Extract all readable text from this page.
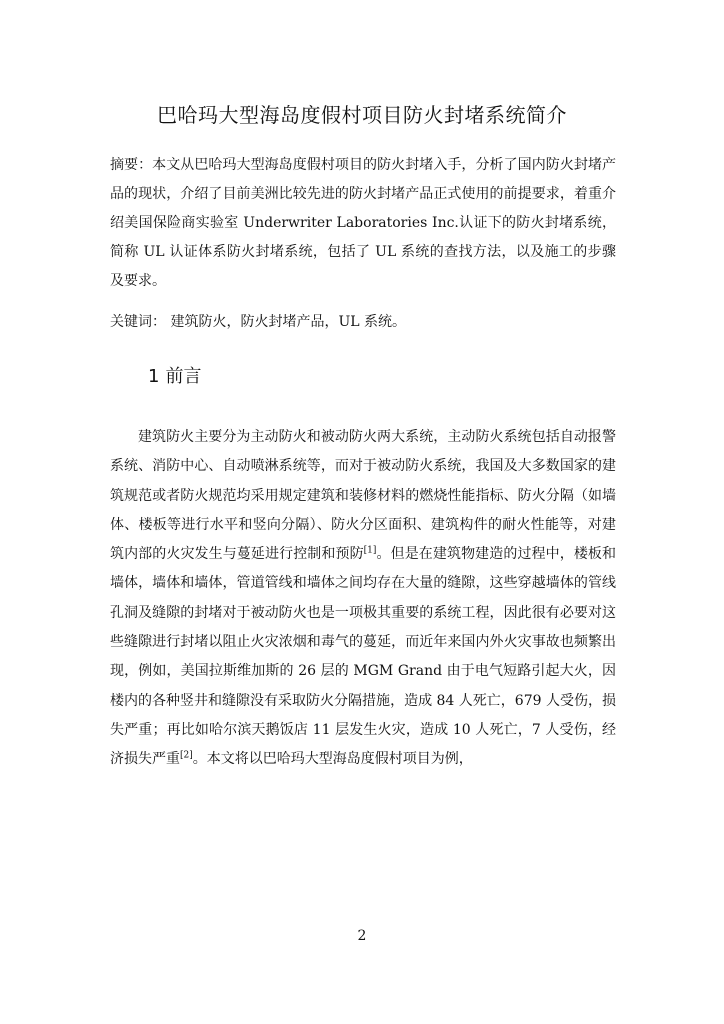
巴哈玛大型海岛度假村项目防火封堵系统简介

摘要：本文从巴哈玛大型海岛度假村项目的防火封堵入手，分析了国内防火封堵产品的现状，介绍了目前美洲比较先进的防火封堵产品正式使用的前提要求，着重介绍美国保险商实验室 Underwriter Laboratories Inc.认证下的防火封堵系统，简称 UL 认证体系防火封堵系统，包括了 UL 系统的查找方法，以及施工的步骤及要求。

关键词： 建筑防火，防火封堵产品，UL 系统。

1 前言

建筑防火主要分为主动防火和被动防火两大系统，主动防火系统包括自动报警系统、消防中心、自动喷淋系统等，而对于被动防火系统，我国及大多数国家的建筑规范或者防火规范均采用规定建筑和装修材料的燃烧性能指标、防火分隔（如墙体、楼板等进行水平和竖向分隔）、防火分区面积、建筑构件的耐火性能等，对建筑内部的火灾发生与蔓延进行控制和预防[1]。但是在建筑物建造的过程中，楼板和墙体，墙体和墙体，管道管线和墙体之间均存在大量的缝隙，这些穿越墙体的管线孔洞及缝隙的封堵对于被动防火也是一项极其重要的系统工程，因此很有必要对这些缝隙进行封堵以阻止火灾浓烟和毒气的蔓延，而近年来国内外火灾事故也频繁出现，例如，美国拉斯维加斯的 26 层的 MGM Grand 由于电气短路引起大火，因楼内的各种竖井和缝隙没有采取防火分隔措施，造成 84 人死亡，679 人受伤，损失严重；再比如哈尔滨天鹅饭店 11 层发生火灾，造成 10 人死亡，7 人受伤，经济损失严重[2]。本文将以巴哈玛大型海岛度假村项目为例，

2
